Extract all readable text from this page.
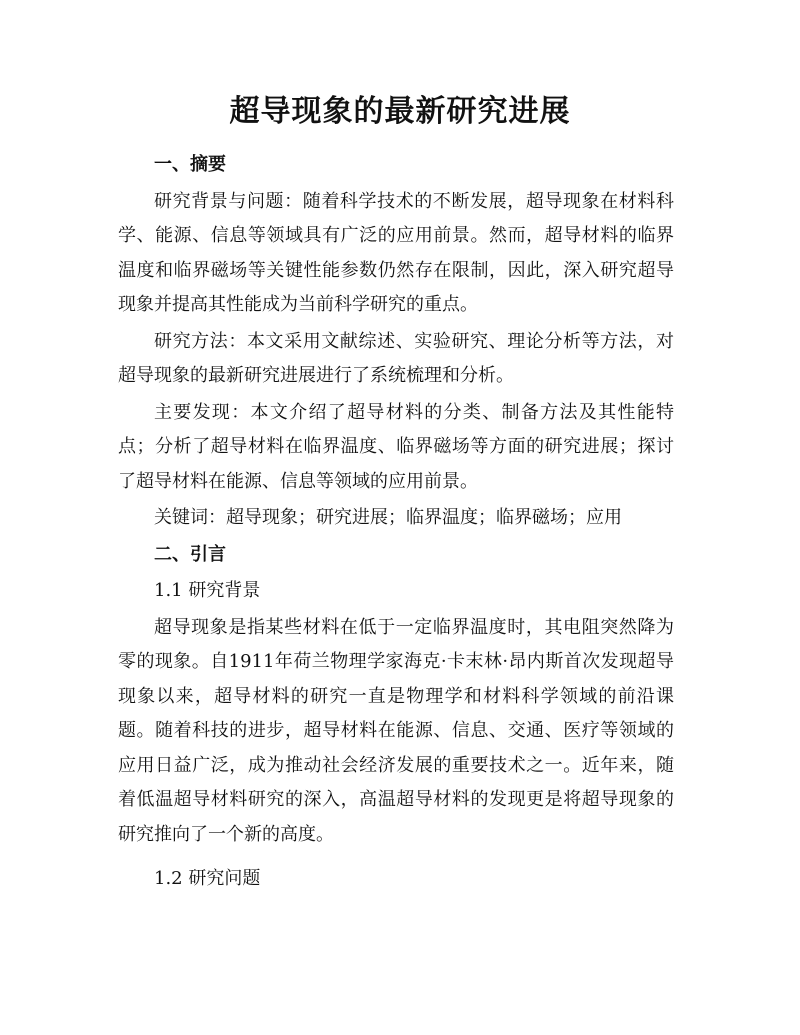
超导现象的最新研究进展

一、摘要

研究背景与问题：随着科学技术的不断发展，超导现象在材料科学、能源、信息等领域具有广泛的应用前景。然而，超导材料的临界温度和临界磁场等关键性能参数仍然存在限制，因此，深入研究超导现象并提高其性能成为当前科学研究的重点。

研究方法：本文采用文献综述、实验研究、理论分析等方法，对超导现象的最新研究进展进行了系统梳理和分析。

主要发现：本文介绍了超导材料的分类、制备方法及其性能特点；分析了超导材料在临界温度、临界磁场等方面的研究进展；探讨了超导材料在能源、信息等领域的应用前景。

关键词：超导现象；研究进展；临界温度；临界磁场；应用

二、引言

1.1 研究背景

超导现象是指某些材料在低于一定临界温度时，其电阻突然降为零的现象。自1911年荷兰物理学家海克·卡末林·昂内斯首次发现超导现象以来，超导材料的研究一直是物理学和材料科学领域的前沿课题。随着科技的进步，超导材料在能源、信息、交通、医疗等领域的应用日益广泛，成为推动社会经济发展的重要技术之一。近年来，随着低温超导材料研究的深入，高温超导材料的发现更是将超导现象的研究推向了一个新的高度。

1.2 研究问题
